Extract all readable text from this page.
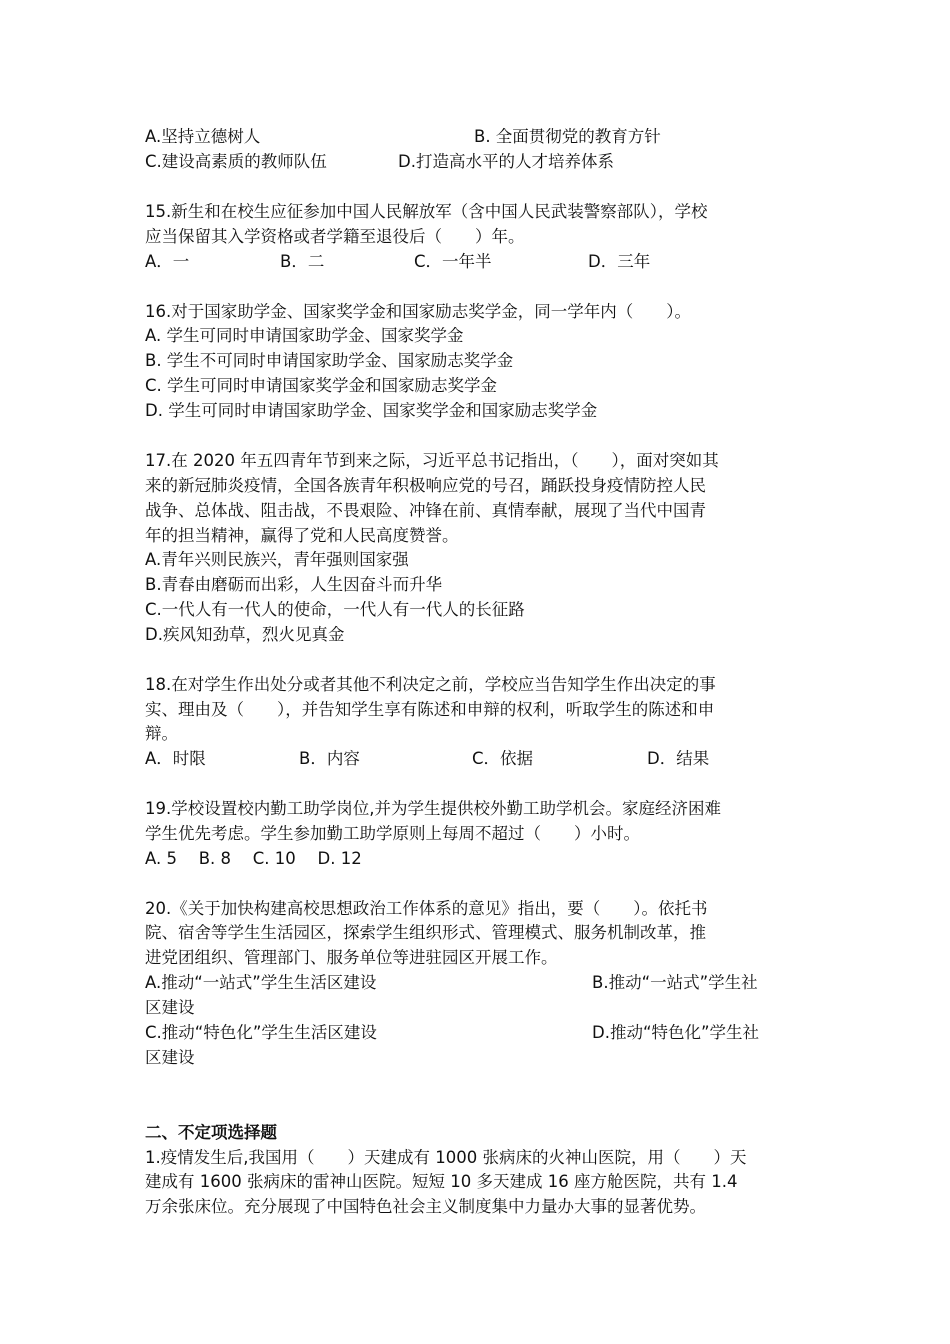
A.坚持立德树人	B. 全面贯彻党的教育方针
C.建设高素质的教师队伍	D.打造高水平的人才培养体系
15.新生和在校生应征参加中国人民解放军（含中国人民武装警察部队），学校
应当保留其入学资格或者学籍至退役后（　　）年。
A．一	B．二	C．一年半	D．三年
16.对于国家助学金、国家奖学金和国家励志奖学金，同一学年内（　　）。
A. 学生可同时申请国家助学金、国家奖学金
B. 学生不可同时申请国家助学金、国家励志奖学金
C. 学生可同时申请国家奖学金和国家励志奖学金
D. 学生可同时申请国家助学金、国家奖学金和国家励志奖学金
17.在 2020 年五四青年节到来之际，习近平总书记指出，（　　），面对突如其
来的新冠肺炎疫情，全国各族青年积极响应党的号召，踊跃投身疫情防控人民
战争、总体战、阻击战，不畏艰险、冲锋在前、真情奉献，展现了当代中国青
年的担当精神，赢得了党和人民高度赞誉。
A.青年兴则民族兴，青年强则国家强
B.青春由磨砺而出彩，人生因奋斗而升华
C.一代人有一代人的使命，一代人有一代人的长征路
D.疾风知劲草，烈火见真金
18.在对学生作出处分或者其他不利决定之前，学校应当告知学生作出决定的事
实、理由及（　　），并告知学生享有陈述和申辩的权利，听取学生的陈述和申
辩。
A．时限	B．内容	C．依据	D．结果
19.学校设置校内勤工助学岗位,并为学生提供校外勤工助学机会。家庭经济困难
学生优先考虑。学生参加勤工助学原则上每周不超过（　　）小时。
A. 5　 B. 8　 C. 10　 D. 12
20.《关于加快构建高校思想政治工作体系的意见》指出，要（　　）。依托书
院、宿舍等学生生活园区，探索学生组织形式、管理模式、服务机制改革，推
进党团组织、管理部门、服务单位等进驻园区开展工作。
A.推动“一站式”学生生活区建设	B.推动“一站式”学生社
区建设
C.推动“特色化”学生生活区建设	D.推动“特色化”学生社
区建设
二、不定项选择题
1.疫情发生后,我国用（　　）天建成有 1000 张病床的火神山医院，用（　　）天
建成有 1600 张病床的雷神山医院。短短 10 多天建成 16 座方舱医院，共有 1.4
万余张床位。充分展现了中国特色社会主义制度集中力量办大事的显著优势。
